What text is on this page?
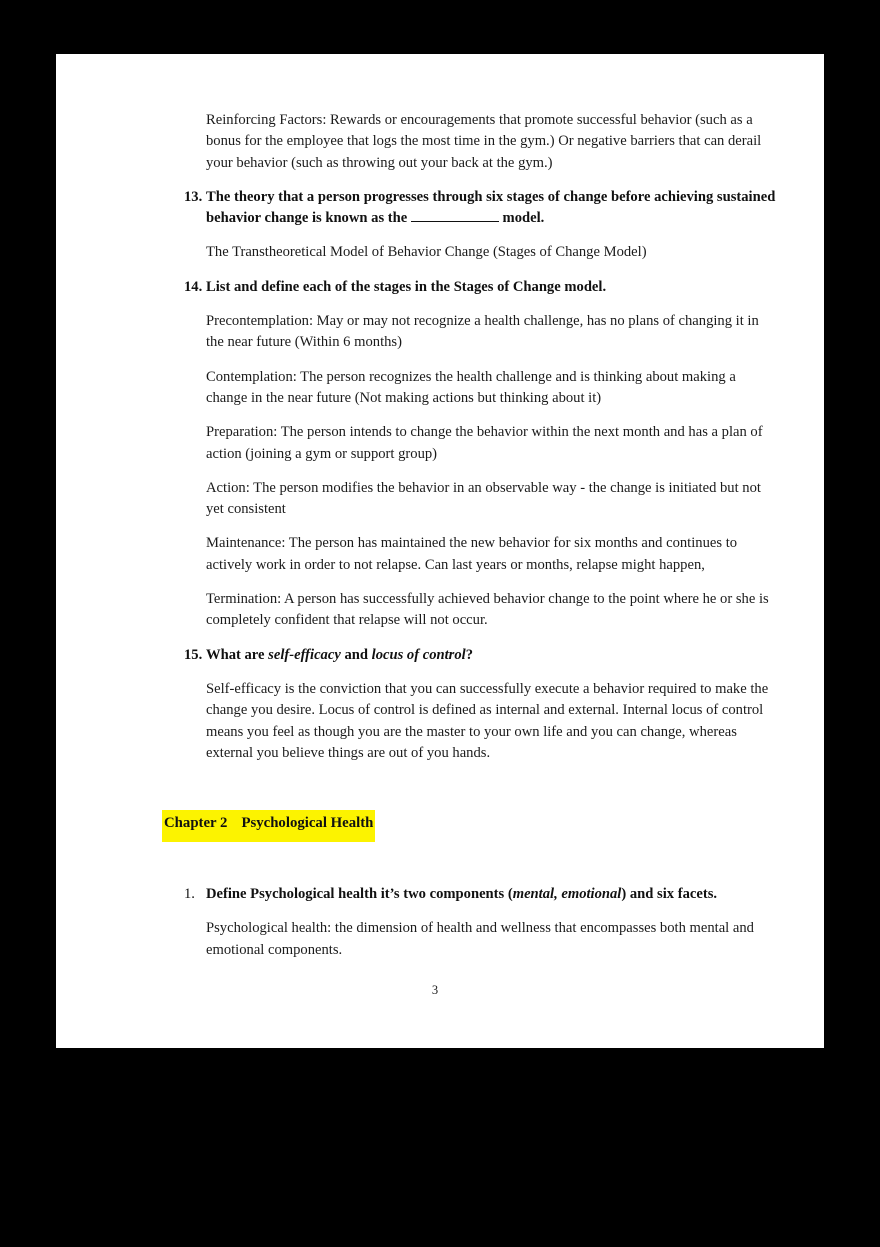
Reinforcing Factors: Rewards or encouragements that promote successful behavior (such as a bonus for the employee that logs the most time in the gym.) Or negative barriers that can derail your behavior (such as throwing out your back at the gym.)

13. The theory that a person progresses through six stages of change before achieving sustained behavior change is known as the	model.

The Transtheoretical Model of Behavior Change (Stages of Change Model)

14. List and define each of the stages in the Stages of Change model.

Precontemplation: May or may not recognize a health challenge, has no plans of changing it in the near future (Within 6 months)

Contemplation: The person recognizes the health challenge and is thinking about making a change in the near future (Not making actions but thinking about it)

Preparation: The person intends to change the behavior within the next month and has a plan of action (joining a gym or support group)

Action: The person modifies the behavior in an observable way - the change is initiated but not yet consistent

Maintenance: The person has maintained the new behavior for six months and continues to actively work in order to not relapse. Can last years or months, relapse might happen,

Termination: A person has successfully achieved behavior change to the point where he or she is completely confident that relapse will not occur.

15. What are self-efficacy and locus of control?

Self-efficacy is the conviction that you can successfully execute a behavior required to make the change you desire. Locus of control is defined as internal and external. Internal locus of control means you feel as though you are the master to your own life and you can change, whereas external you believe things are out of you hands.

Chapter 2 Psychological Health
1. Define Psychological health it’s two components (mental, emotional) and six facets.

Psychological health: the dimension of health and wellness that encompasses both mental and emotional components.

3
